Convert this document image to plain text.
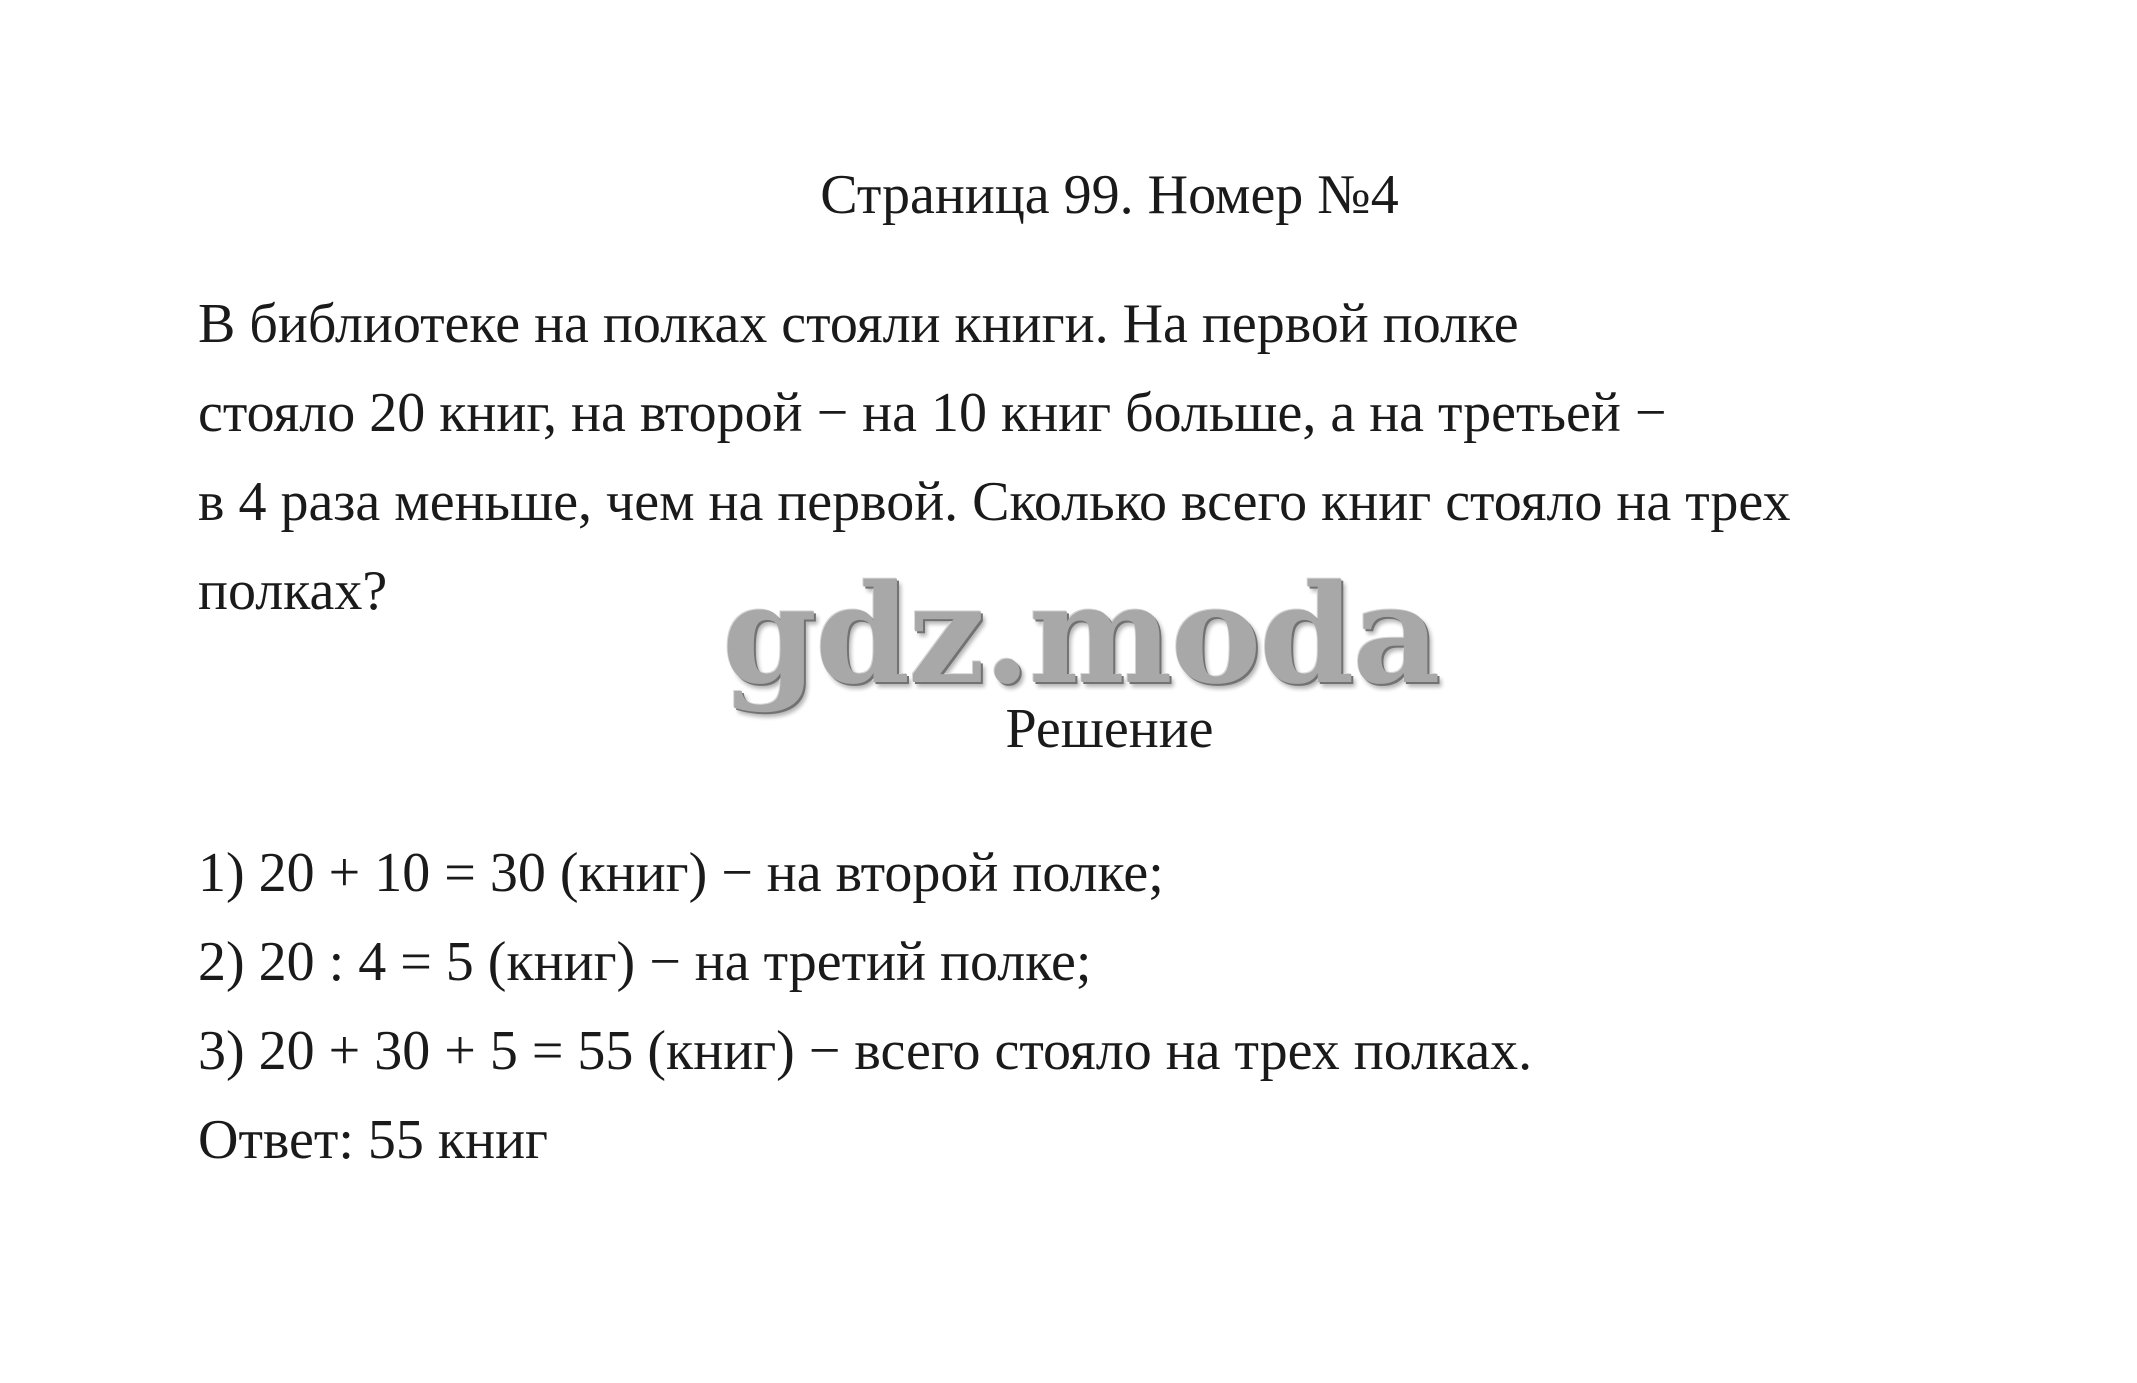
Страница 99. Номер №4
В библиотеке на полках стояли книги. На первой полке
стояло 20 книг, на второй − на 10 книг больше, а на третьей −
в 4 раза меньше, чем на первой. Сколько всего книг стояло на трех
полках? gdz.moda
Решение
1) 20 + 10 = 30 (книг) − на второй полке;
2) 20 : 4 = 5 (книг) − на третий полке;
3) 20 + 30 + 5 = 55 (книг) − всего стояло на трех полках.
Ответ: 55 книг
